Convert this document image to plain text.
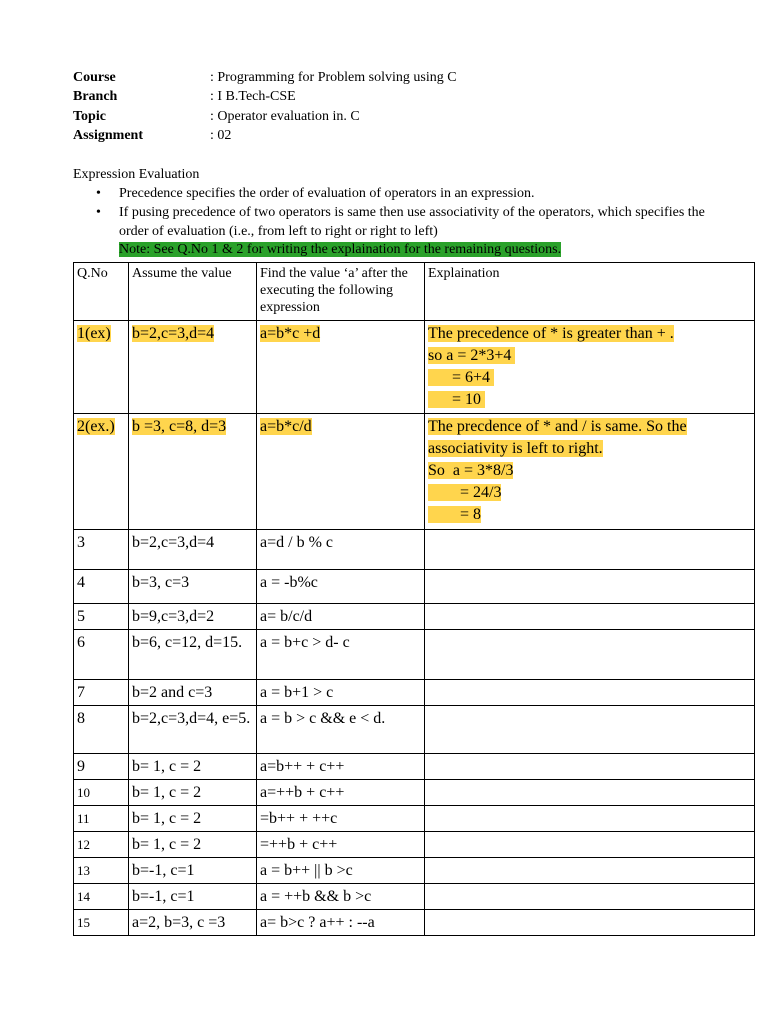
Course	: Programming for Problem solving using C
Branch	: I B.Tech-CSE
Topic	: Operator evaluation in. C
Assignment	: 02
Expression Evaluation
• Precedence specifies the order of evaluation of operators in an expression.
• If pusing precedence of two operators is same then use associativity of the operators, which specifies the order of evaluation (i.e., from left to right or right to left)
Note: See Q.No 1 & 2 for writing the explaination for the remaining questions.
Q.No	Assume the value	Find the value ‘a’ after the executing the following expression	Explaination
1(ex)	b=2,c=3,d=4	a=b*c +d	The precedence of * is greater than + .
so a = 2*3+4
= 6+4
= 10

2(ex.)	b =3, c=8, d=3	a=b*c/d	The precdence of * and / is same. So the
associativity is left to right.
So  a = 3*8/3
= 24/3
= 8

3	b=2,c=3,d=4	a=d / b % c	
4	b=3, c=3	a = -b%c	
5	b=9,c=3,d=2	a= b/c/d	
6	b=6, c=12, d=15.	a = b+c > d- c	
7	b=2 and c=3	a = b+1 > c	
8	b=2,c=3,d=4, e=5.	a = b > c && e < d.	
9	b= 1, c = 2	a=b++ + c++	
10	b= 1, c = 2	a=++b + c++	
11	b= 1, c = 2	=b++ + ++c	
12	b= 1, c = 2	=++b + c++	
13	b=-1, c=1	a = b++ || b >c	
14	b=-1, c=1	a = ++b && b >c	
15	a=2, b=3, c =3	a= b>c ? a++ : --a	
